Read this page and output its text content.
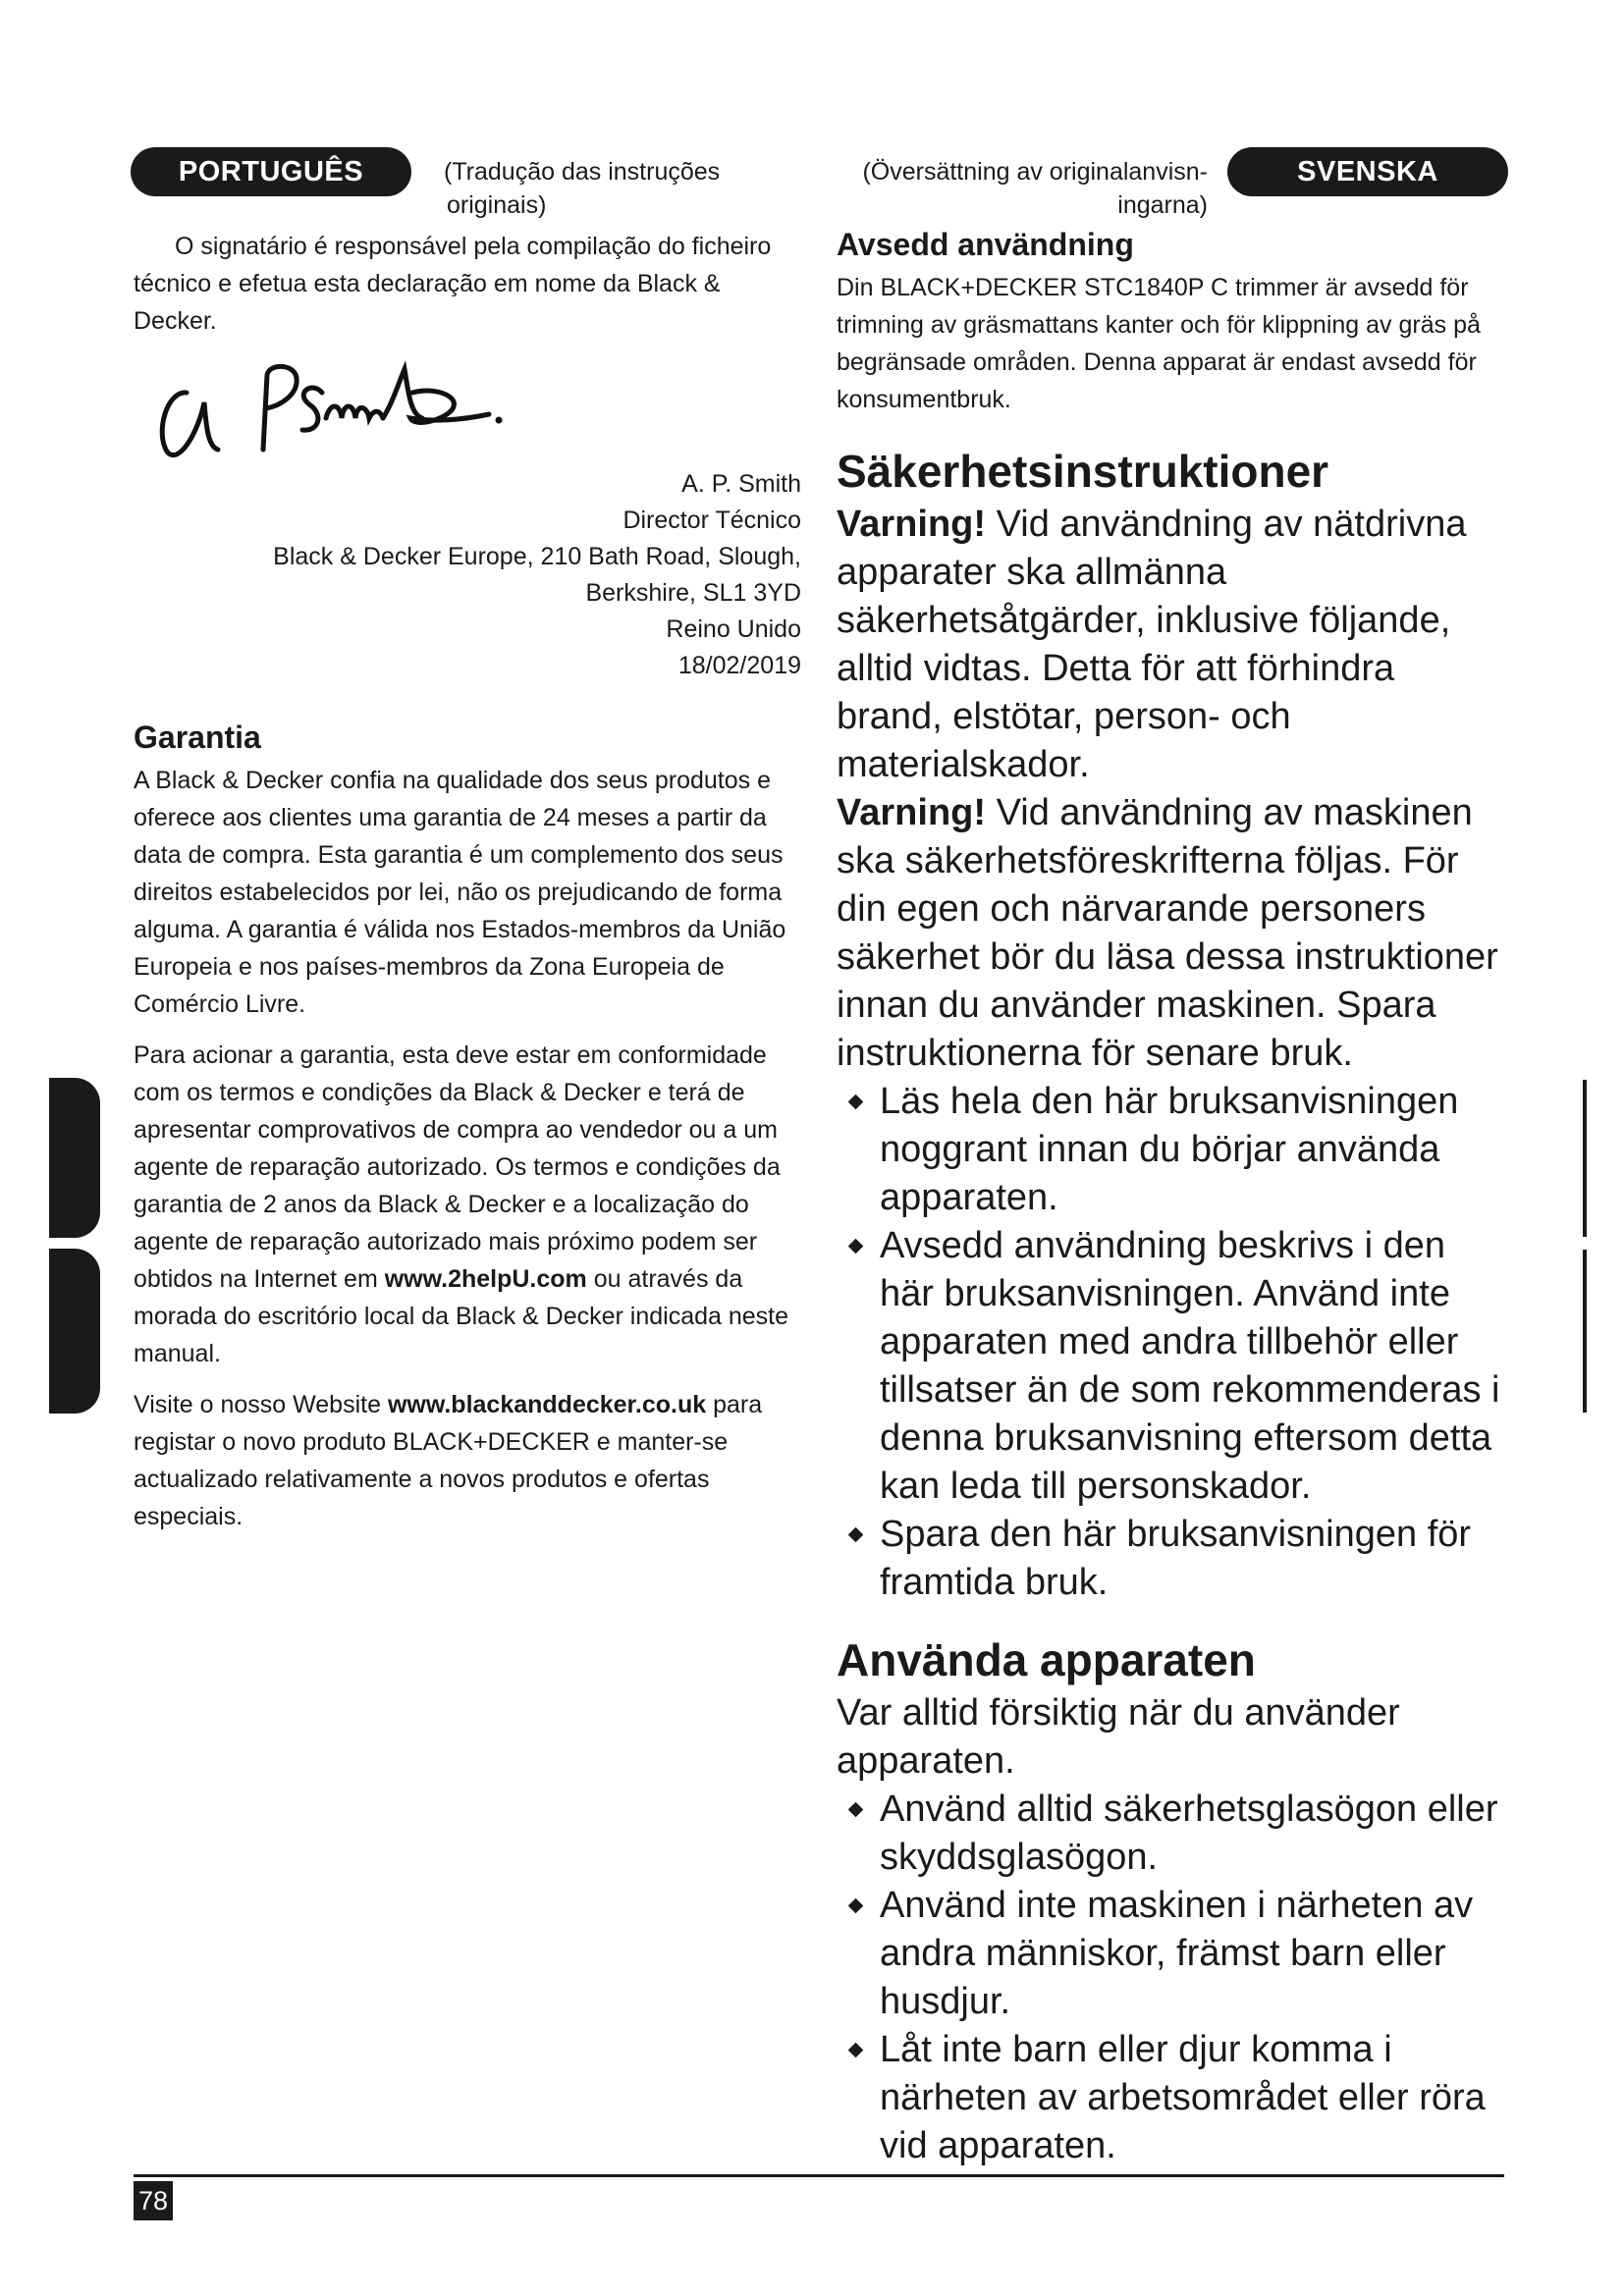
PORTUGUÊS	(Tradução das instruções
originais)
(Översättning av originalanvisn-
ingarna)
SVENSKA

O signatário é responsável pela compilação do ficheiro técnico e efetua esta declaração em nome da Black & Decker.

A. P. Smith
Director Técnico
Black & Decker Europe, 210 Bath Road, Slough,
Berkshire, SL1 3YD
Reino Unido
18/02/2019
Garantia

A Black & Decker confia na qualidade dos seus produtos e oferece aos clientes uma garantia de 24 meses a partir da data de compra. Esta garantia é um complemento dos seus direitos estabelecidos por lei, não os prejudicando de forma alguma. A garantia é válida nos Estados-membros da União Europeia e nos países-membros da Zona Europeia de Comércio Livre.

Para acionar a garantia, esta deve estar em conformidade com os termos e condições da Black & Decker e terá de apresentar comprovativos de compra ao vendedor ou a um agente de reparação autorizado. Os termos e condições da garantia de 2 anos da Black & Decker e a localização do agente de reparação autorizado mais próximo podem ser obtidos na Internet em www.2helpU.com ou através da morada do escritório local da Black & Decker indicada neste manual.

Visite o nosso Website www.blackanddecker.co.uk para registar o novo produto BLACK+DECKER e manter-se actualizado relativamente a novos produtos e ofertas especiais.

Avsedd användning

Din BLACK+DECKER STC1840P C trimmer är avsedd för trimning av gräsmattans kanter och för klippning av gräs på begränsade områden. Denna apparat är endast avsedd för konsumentbruk.

Säkerhetsinstruktioner

Varning! Vid användning av nätdrivna apparater ska allmänna säkerhetsåtgärder, inklusive följande, alltid vidtas. Detta för att förhindra brand, elstötar, person- och materialskador.

Varning! Vid användning av maskinen ska säkerhetsföreskrifterna följas. För din egen och närvarande personers säkerhet bör du läsa dessa instruktioner innan du använder maskinen. Spara instruktionerna för senare bruk.

Läs hela den här bruksanvisningen noggrant innan du börjar använda apparaten.

Avsedd användning beskrivs i den här bruksanvisningen. Använd inte apparaten med andra tillbehör eller tillsatser än de som rekommenderas i denna bruksanvisning eftersom detta kan leda till personskador.

Spara den här bruksanvisningen för framtida bruk.

Använda apparaten

Var alltid försiktig när du använder apparaten.

Använd alltid säkerhetsglasögon eller skyddsglasögon.

Använd inte maskinen i närheten av andra människor, främst barn eller husdjur.

Låt inte barn eller djur komma i närheten av arbetsområdet eller röra vid apparaten.

78
